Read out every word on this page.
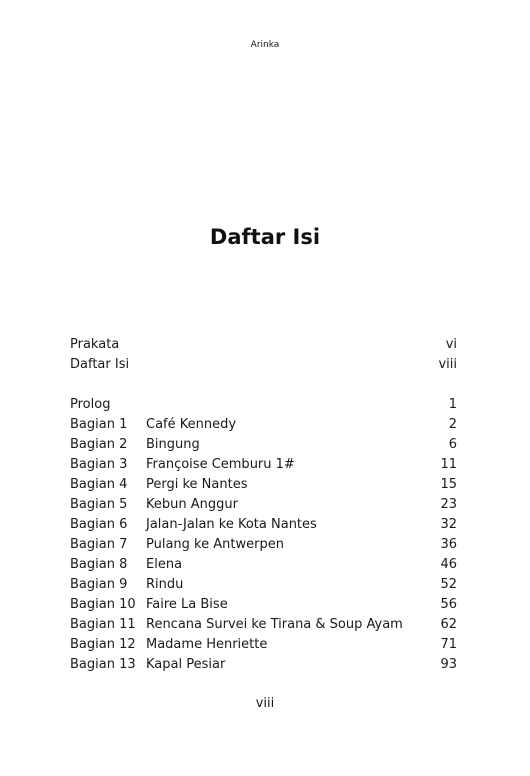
Arinka
Daftar Isi
Prakata	vi
Daftar Isi	viii
Prolog	1
Bagian 1 Café Kennedy	2
Bagian 2 Bingung	6
Bagian 3 Françoise Cemburu 1#	11
Bagian 4 Pergi ke Nantes	15
Bagian 5 Kebun Anggur	23
Bagian 6 Jalan-Jalan ke Kota Nantes	32
Bagian 7 Pulang ke Antwerpen	36
Bagian 8 Elena	46
Bagian 9 Rindu	52
Bagian 10 Faire La Bise	56
Bagian 11 Rencana Survei ke Tirana & Soup Ayam	62
Bagian 12 Madame Henriette	71
Bagian 13 Kapal Pesiar	93
viii
